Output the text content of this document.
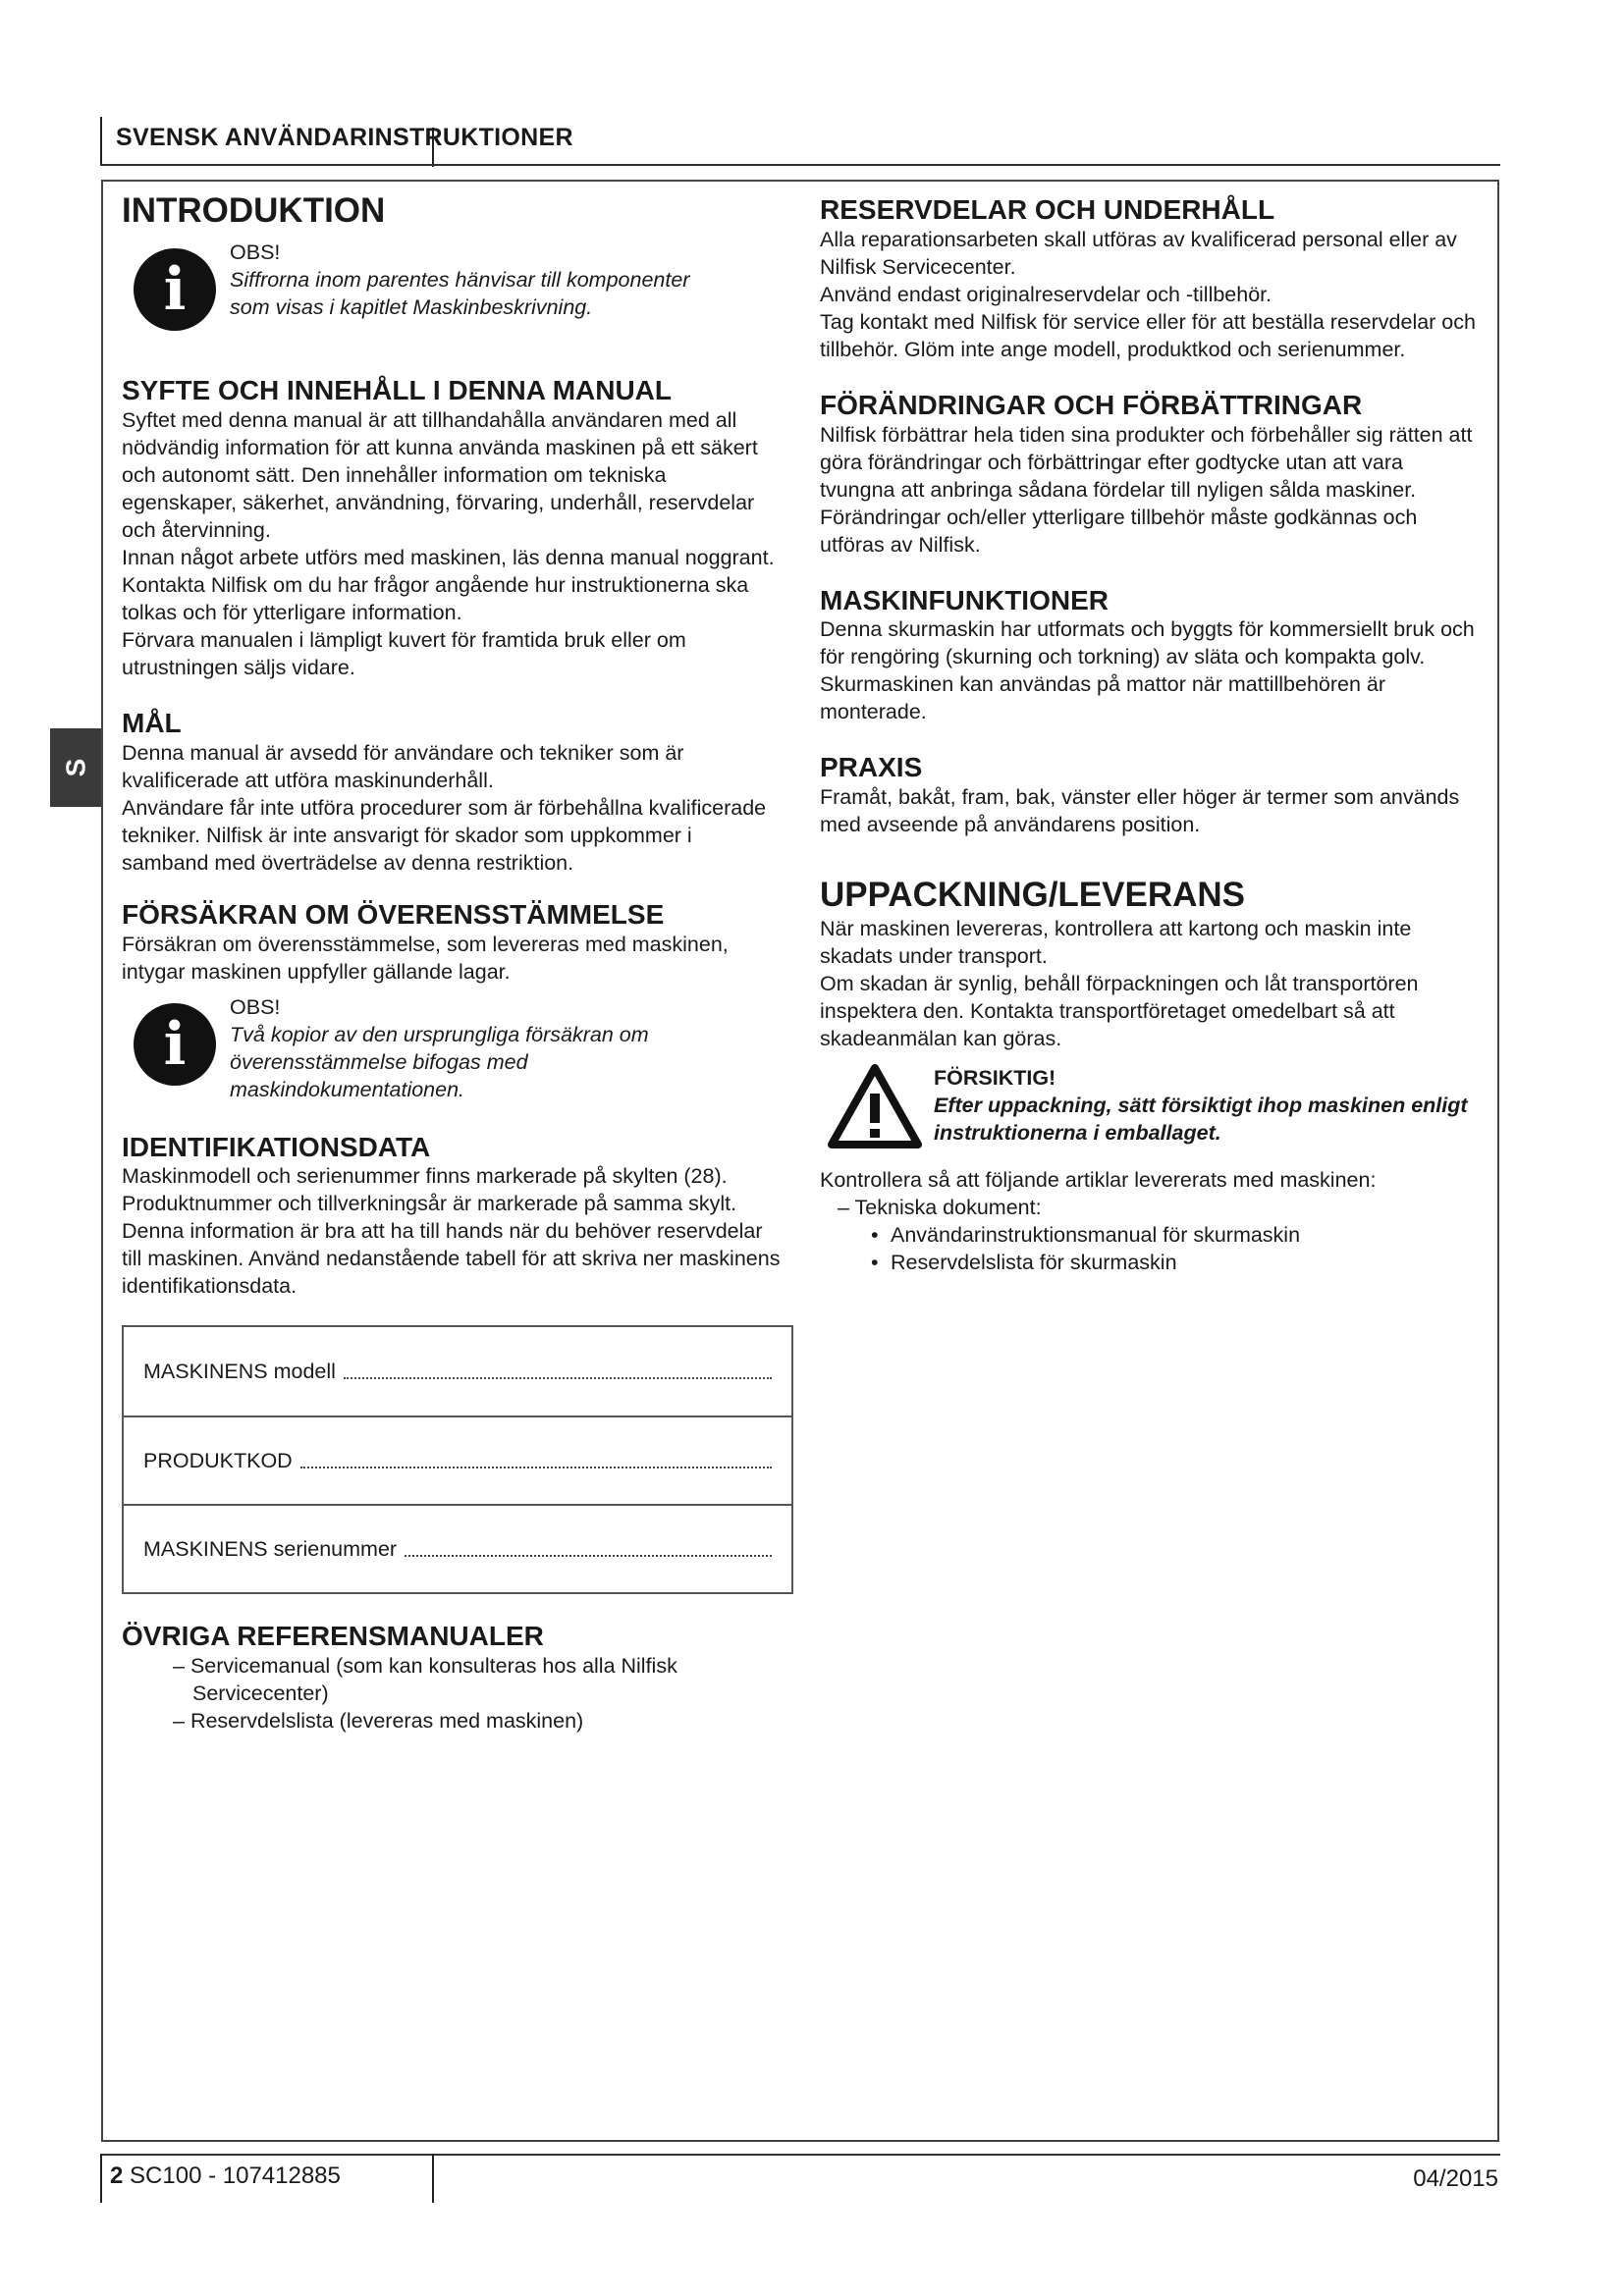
SVENSK ANVÄNDARINSTRUKTIONER
S
INTRODUKTION
i
OBS!
Siffrorna inom parentes hänvisar till komponenter som visas i kapitlet Maskinbeskrivning.
SYFTE OCH INNEHÅLL I DENNA MANUAL

Syftet med denna manual är att tillhandahålla användaren med all nödvändig information för att kunna använda maskinen på ett säkert och autonomt sätt. Den innehåller information om tekniska egenskaper, säkerhet, användning, förvaring, underhåll, reservdelar och återvinning.

Innan något arbete utförs med maskinen, läs denna manual noggrant. Kontakta Nilfisk om du har frågor angående hur instruktionerna ska tolkas och för ytterligare information.

Förvara manualen i lämpligt kuvert för framtida bruk eller om utrustningen säljs vidare.

MÅL

Denna manual är avsedd för användare och tekniker som är kvalificerade att utföra maskinunderhåll.

Användare får inte utföra procedurer som är förbehållna kvalificerade tekniker. Nilfisk är inte ansvarigt för skador som uppkommer i samband med överträdelse av denna restriktion.

FÖRSÄKRAN OM ÖVERENSSTÄMMELSE

Försäkran om överensstämmelse, som levereras med maskinen, intygar maskinen uppfyller gällande lagar.

i
OBS!
Två kopior av den ursprungliga försäkran om överensstämmelse bifogas med maskindokumentationen.
IDENTIFIKATIONSDATA

Maskinmodell och serienummer finns markerade på skylten (28).

Produktnummer och tillverkningsår är markerade på samma skylt.

Denna information är bra att ha till hands när du behöver reservdelar till maskinen. Använd nedanstående tabell för att skriva ner maskinens identifikationsdata.

MASKINENS modell
PRODUKTKOD
MASKINENS serienummer
ÖVRIGA REFERENSMANUALER
– Servicemanual (som kan konsulteras hos alla Nilfisk Servicecenter)
– Reservdelslista (levereras med maskinen)
RESERVDELAR OCH UNDERHÅLL

Alla reparationsarbeten skall utföras av kvalificerad personal eller av Nilfisk Servicecenter.

Använd endast originalreservdelar och -tillbehör.

Tag kontakt med Nilfisk för service eller för att beställa reservdelar och tillbehör. Glöm inte ange modell, produktkod och serienummer.

FÖRÄNDRINGAR OCH FÖRBÄTTRINGAR

Nilfisk förbättrar hela tiden sina produkter och förbehåller sig rätten att göra förändringar och förbättringar efter godtycke utan att vara tvungna att anbringa sådana fördelar till nyligen sålda maskiner.

Förändringar och/eller ytterligare tillbehör måste godkännas och utföras av Nilfisk.

MASKINFUNKTIONER

Denna skurmaskin har utformats och byggts för kommersiellt bruk och för rengöring (skurning och torkning) av släta och kompakta golv.

Skurmaskinen kan användas på mattor när mattillbehören är monterade.

PRAXIS

Framåt, bakåt, fram, bak, vänster eller höger är termer som används med avseende på användarens position.

UPPACKNING/LEVERANS

När maskinen levereras, kontrollera att kartong och maskin inte skadats under transport.

Om skadan är synlig, behåll förpackningen och låt transportören inspektera den. Kontakta transportföretaget omedelbart så att skadeanmälan kan göras.

FÖRSIKTIG!
Efter uppackning, sätt försiktigt ihop maskinen enligt instruktionerna i emballaget.

Kontrollera så att följande artiklar levererats med maskinen:

– Tekniska dokument:
• Användarinstruktionsmanual för skurmaskin
• Reservdelslista för skurmaskin
2 SC100 - 107412885	04/2015
